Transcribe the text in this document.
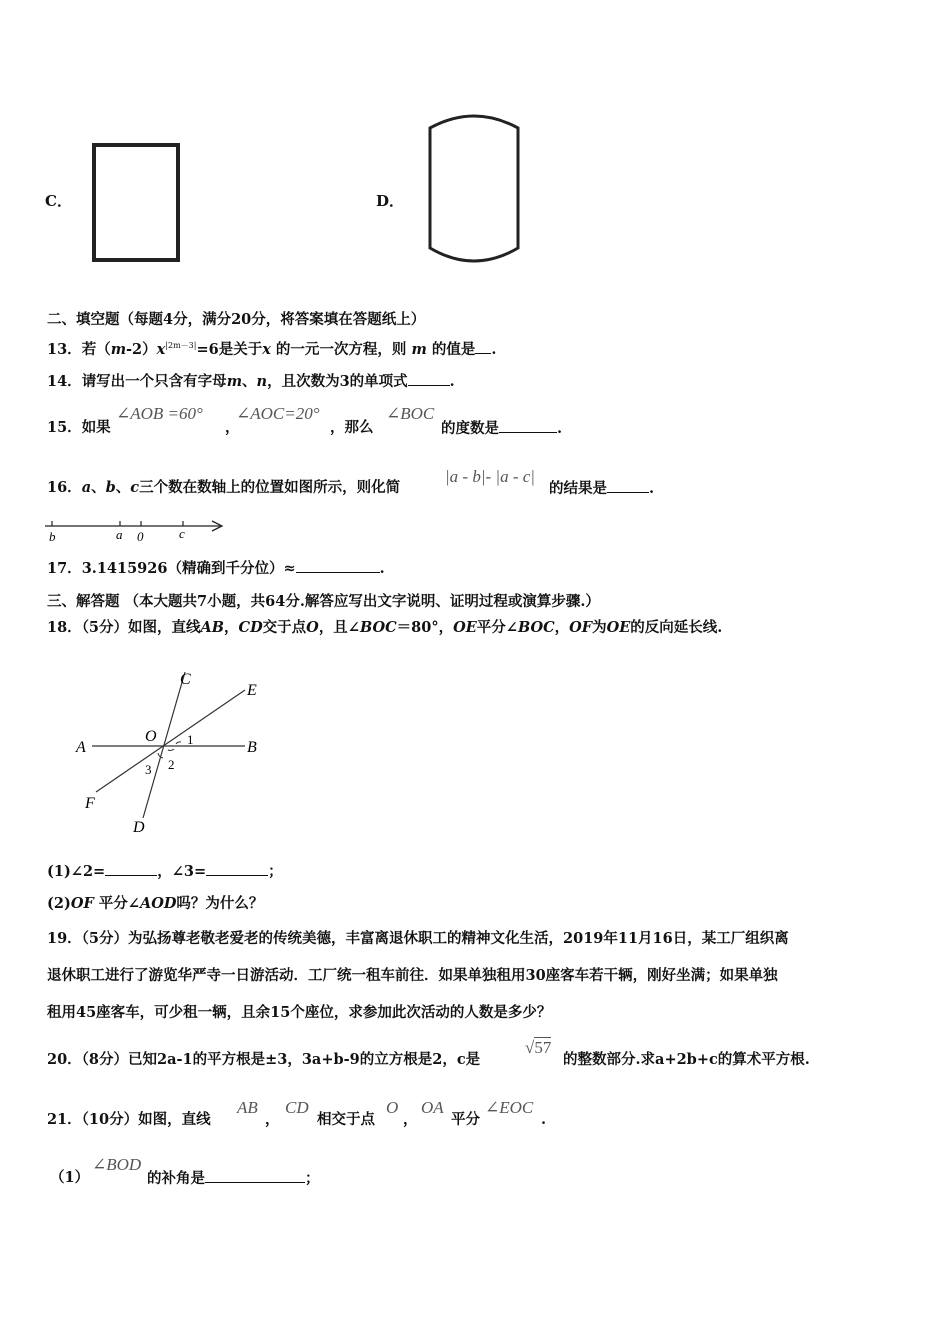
C．	D．
二、填空题（每题4分，满分20分，将答案填在答题纸上）
13．若$(m-2)x^{|2m-3|}=6$是关于x 的一元一次方程，则 m 的值是 .
14．请写出一个只含有字母m、n，且次数为3的单项式	.
15．如果
∠AOB =60°
，
∠AOC=20°
，那么
∠BOC
的度数是	.
16．a、b、c三个数在数轴上的位置如图所示，则化简
|a - b|- |a - c|
的结果是	.
b	a 0	c
17．3.1415926（精确到千分位）≈	.
三、解答题 （本大题共7小题，共64分.解答应写出文字说明、证明过程或演算步骤.）
18．（5分）如图，直线AB，CD交于点O，且∠BOC＝80°，OE平分∠BOC，OF为OE的反向延长线.
C
E
A	B
O 1
2
3
F
D
(1)∠2=	，∠3=	；
(2)OF 平分∠AOD吗？为什么？
19．（5分）为弘扬尊老敬老爱老的传统美德，丰富离退休职工的精神文化生活，2019年11月16日，某工厂组织离
退休职工进行了游览华严寺一日游活动．工厂统一租车前往．如果单独租用30座客车若干辆，刚好坐满；如果单独
租用45座客车，可少租一辆，且余15个座位，求参加此次活动的人数是多少？
20．（8分）已知2a-1的平方根是±3，3a+b-9的立方根是2，c是
√57
的整数部分.求a+2b+c的算术平方根.
21．（10分）如图，直线
AB
，
CD
相交于点
O
，
OA
平分
∠EOC
.
（1）
∠BOD
的补角是	；
